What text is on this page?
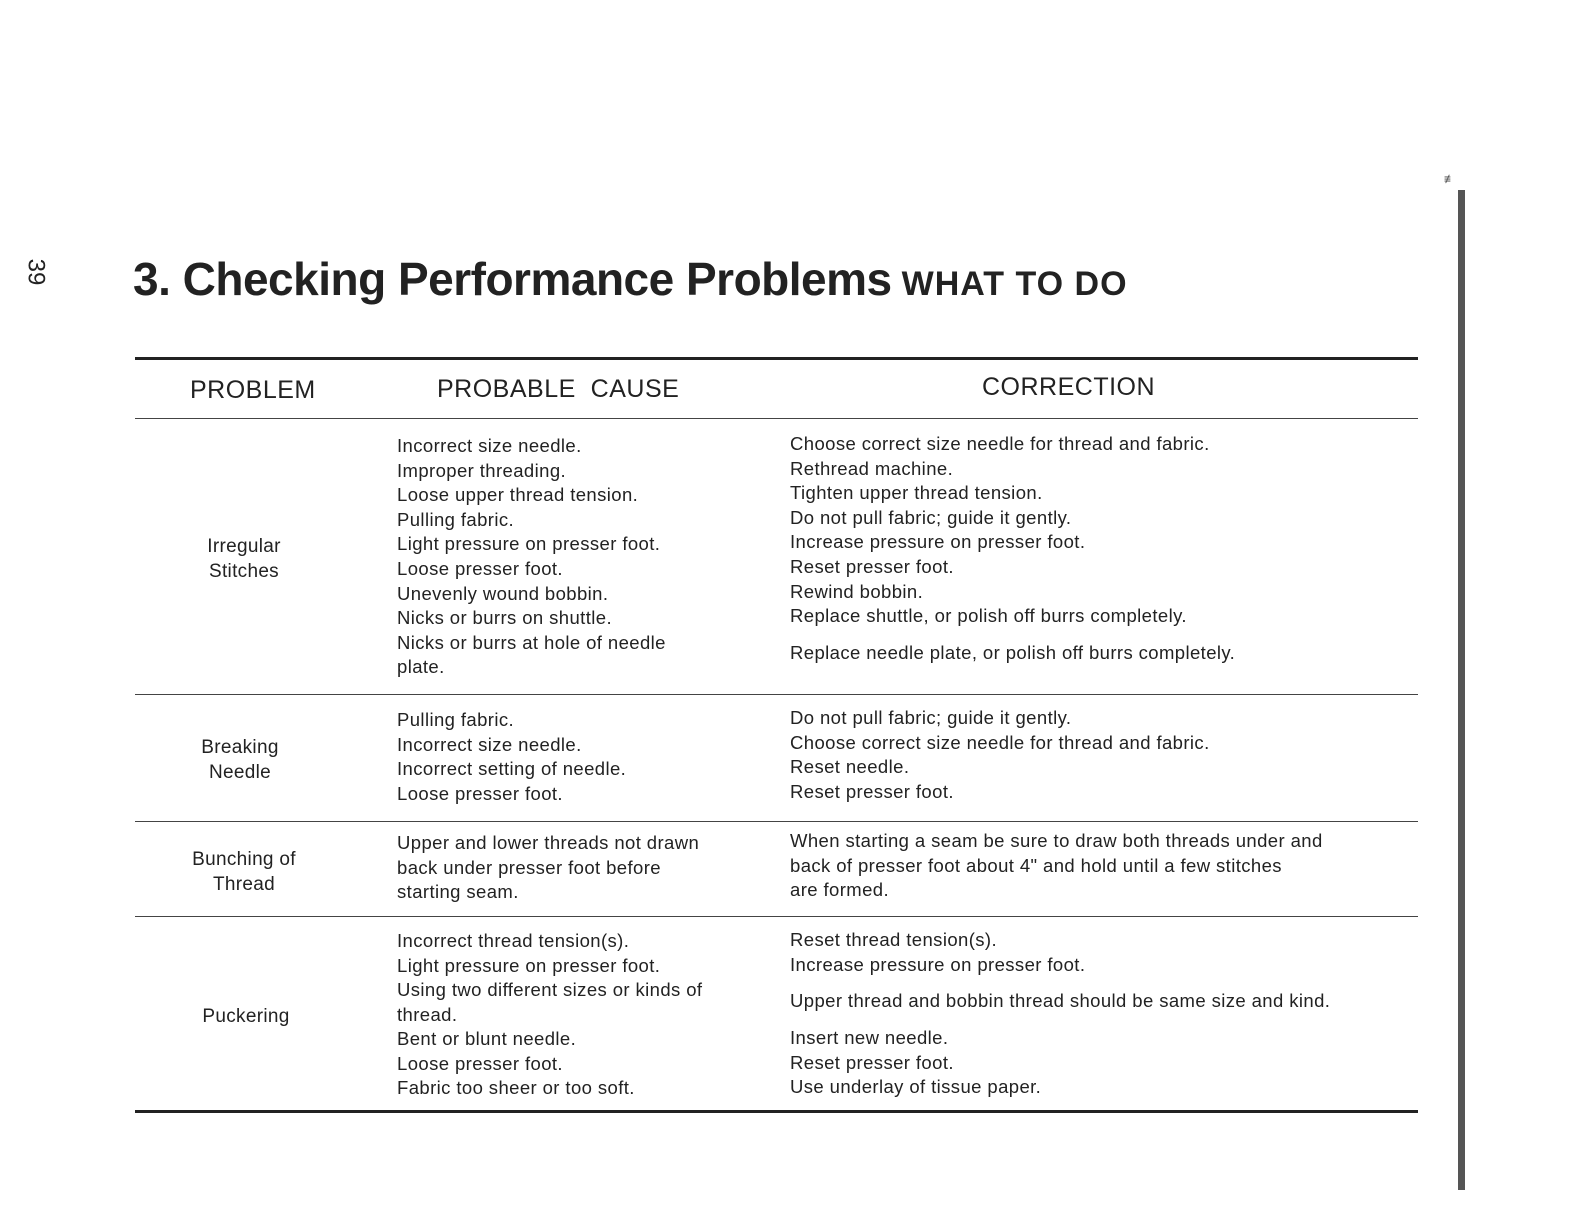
39 3. Checking Performance Problems WHAT TO DO
≢
PROBLEM	PROBABLE  CAUSE	CORRECTION
Irregular
Stitches
Incorrect size needle.
Improper threading.
Loose upper thread tension.
Pulling fabric.
Light pressure on presser foot.
Loose presser foot.
Unevenly wound bobbin.
Nicks or burrs on shuttle.
Nicks or burrs at hole of needle plate.
Choose correct size needle for thread and fabric.
Rethread machine.
Tighten upper thread tension.
Do not pull fabric; guide it gently.
Increase pressure on presser foot.
Reset presser foot.
Rewind bobbin.
Replace shuttle, or polish off burrs completely.
Replace needle plate, or polish off burrs completely.
Breaking
Needle
Pulling fabric.
Incorrect size needle.
Incorrect setting of needle.
Loose presser foot.
Do not pull fabric; guide it gently.
Choose correct size needle for thread and fabric.
Reset needle.
Reset presser foot.
Bunching of
Thread
Upper and lower threads not drawn
back under presser foot before
starting seam.
When starting a seam be sure to draw both threads under and
back of presser foot about 4" and hold until a few stitches
are formed.
Puckering
Incorrect thread tension(s).
Light pressure on presser foot.
Using two different sizes or kinds of thread.
Bent or blunt needle.
Loose presser foot.
Fabric too sheer or too soft.
Reset thread tension(s).
Increase pressure on presser foot.
Upper thread and bobbin thread should be same size and kind.
Insert new needle.
Reset presser foot.
Use underlay of tissue paper.
